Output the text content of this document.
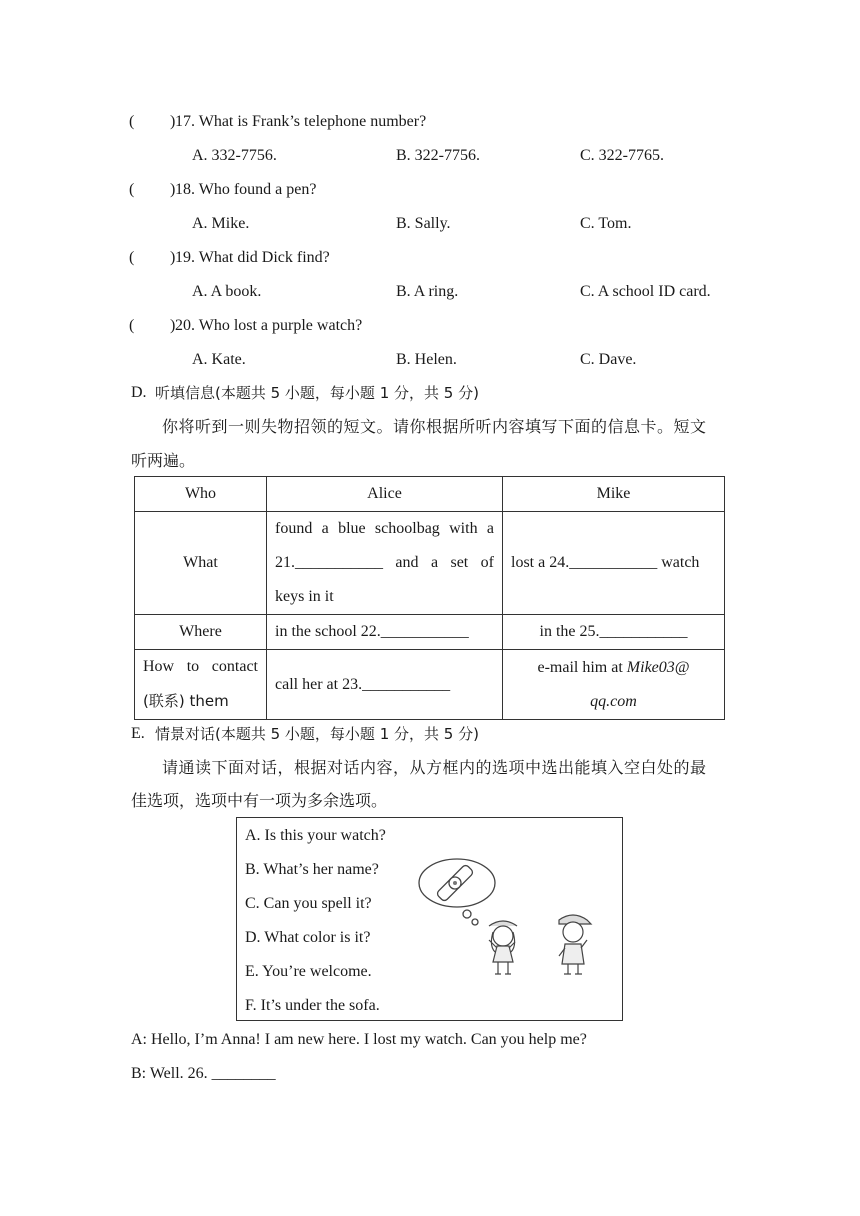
( ) 17. What is Frank’s telephone number?
A. 332-7756.	B. 322-7756.	C. 322-7765.
( ) 18. Who found a pen?
A. Mike.	B. Sally.	C. Tom.
( ) 19. What did Dick find?
A. A book.	B. A ring.	C. A school ID card.
( ) 20. Who lost a purple watch?
A. Kate.	B. Helen.	C. Dave.
D. 听填信息(本题共 5 小题，每小题 1 分，共 5 分)
你将听到一则失物招领的短文。请你根据所听内容填写下面的信息卡。短文
听两遍。
Who	Alice	Mike
What	found a blue schoolbag with a
21.___________ and a set of
keys in it	lost a 24.___________ watch
Where	in the school 22.___________	in the 25.___________

How to contact
(联系) them	call her at 23.___________	e-mail him at Mike03@
qq.com
E. 情景对话(本题共 5 小题，每小题 1 分，共 5 分)
请通读下面对话，根据对话内容，从方框内的选项中选出能填入空白处的最
佳选项，选项中有一项为多余选项。
A. Is this your watch?
B. What’s her name?
C. Can you spell it?
D. What color is it?
E. You’re welcome.
F. It’s under the sofa.
A: Hello, I’m Anna! I am new here. I lost my watch. Can you help me?
B: Well. 26. ________
